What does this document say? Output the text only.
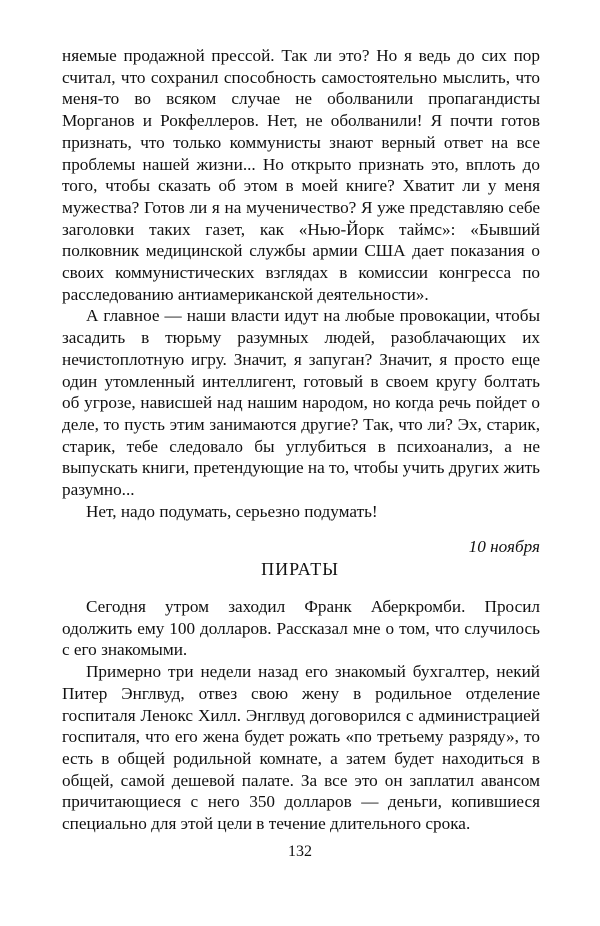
няемые продажной прессой. Так ли это? Но я ведь до сих пор считал, что сохранил способность самостоятельно мыслить, что меня-то во всяком случае не оболванили пропагандисты Морганов и Рокфеллеров. Нет, не оболванили! Я почти готов признать, что только коммунисты знают верный ответ на все проблемы нашей жизни... Но открыто признать это, вплоть до того, чтобы сказать об этом в моей книге? Хватит ли у меня мужества? Готов ли я на мученичество? Я уже представляю себе заголовки таких газет, как «Нью-Йорк таймс»: «Бывший полковник медицинской службы армии США дает показания о своих коммунистических взглядах в комиссии конгресса по расследованию антиамериканской деятельности».

А главное — наши власти идут на любые провокации, чтобы засадить в тюрьму разумных людей, разоблачающих их нечистоплотную игру. Значит, я запуган? Значит, я просто еще один утомленный интеллигент, готовый в своем кругу болтать об угрозе, нависшей над нашим народом, но когда речь пойдет о деле, то пусть этим занимаются другие? Так, что ли? Эх, старик, старик, тебе следовало бы углубиться в психоанализ, а не выпускать книги, претендующие на то, чтобы учить других жить разумно...

Нет, надо подумать, серьезно подумать!

10 ноября
ПИРАТЫ

Сегодня утром заходил Франк Аберкромби. Просил одолжить ему 100 долларов. Рассказал мне о том, что случилось с его знакомыми.

Примерно три недели назад его знакомый бухгалтер, некий Питер Энглвуд, отвез свою жену в родильное отделение госпиталя Ленокс Хилл. Энглвуд договорился с администрацией госпиталя, что его жена будет рожать «по третьему разряду», то есть в общей родильной комнате, а затем будет находиться в общей, самой дешевой палате. За все это он заплатил авансом причитающиеся с него 350 долларов — деньги, копившиеся специально для этой цели в течение длительного срока.

132
